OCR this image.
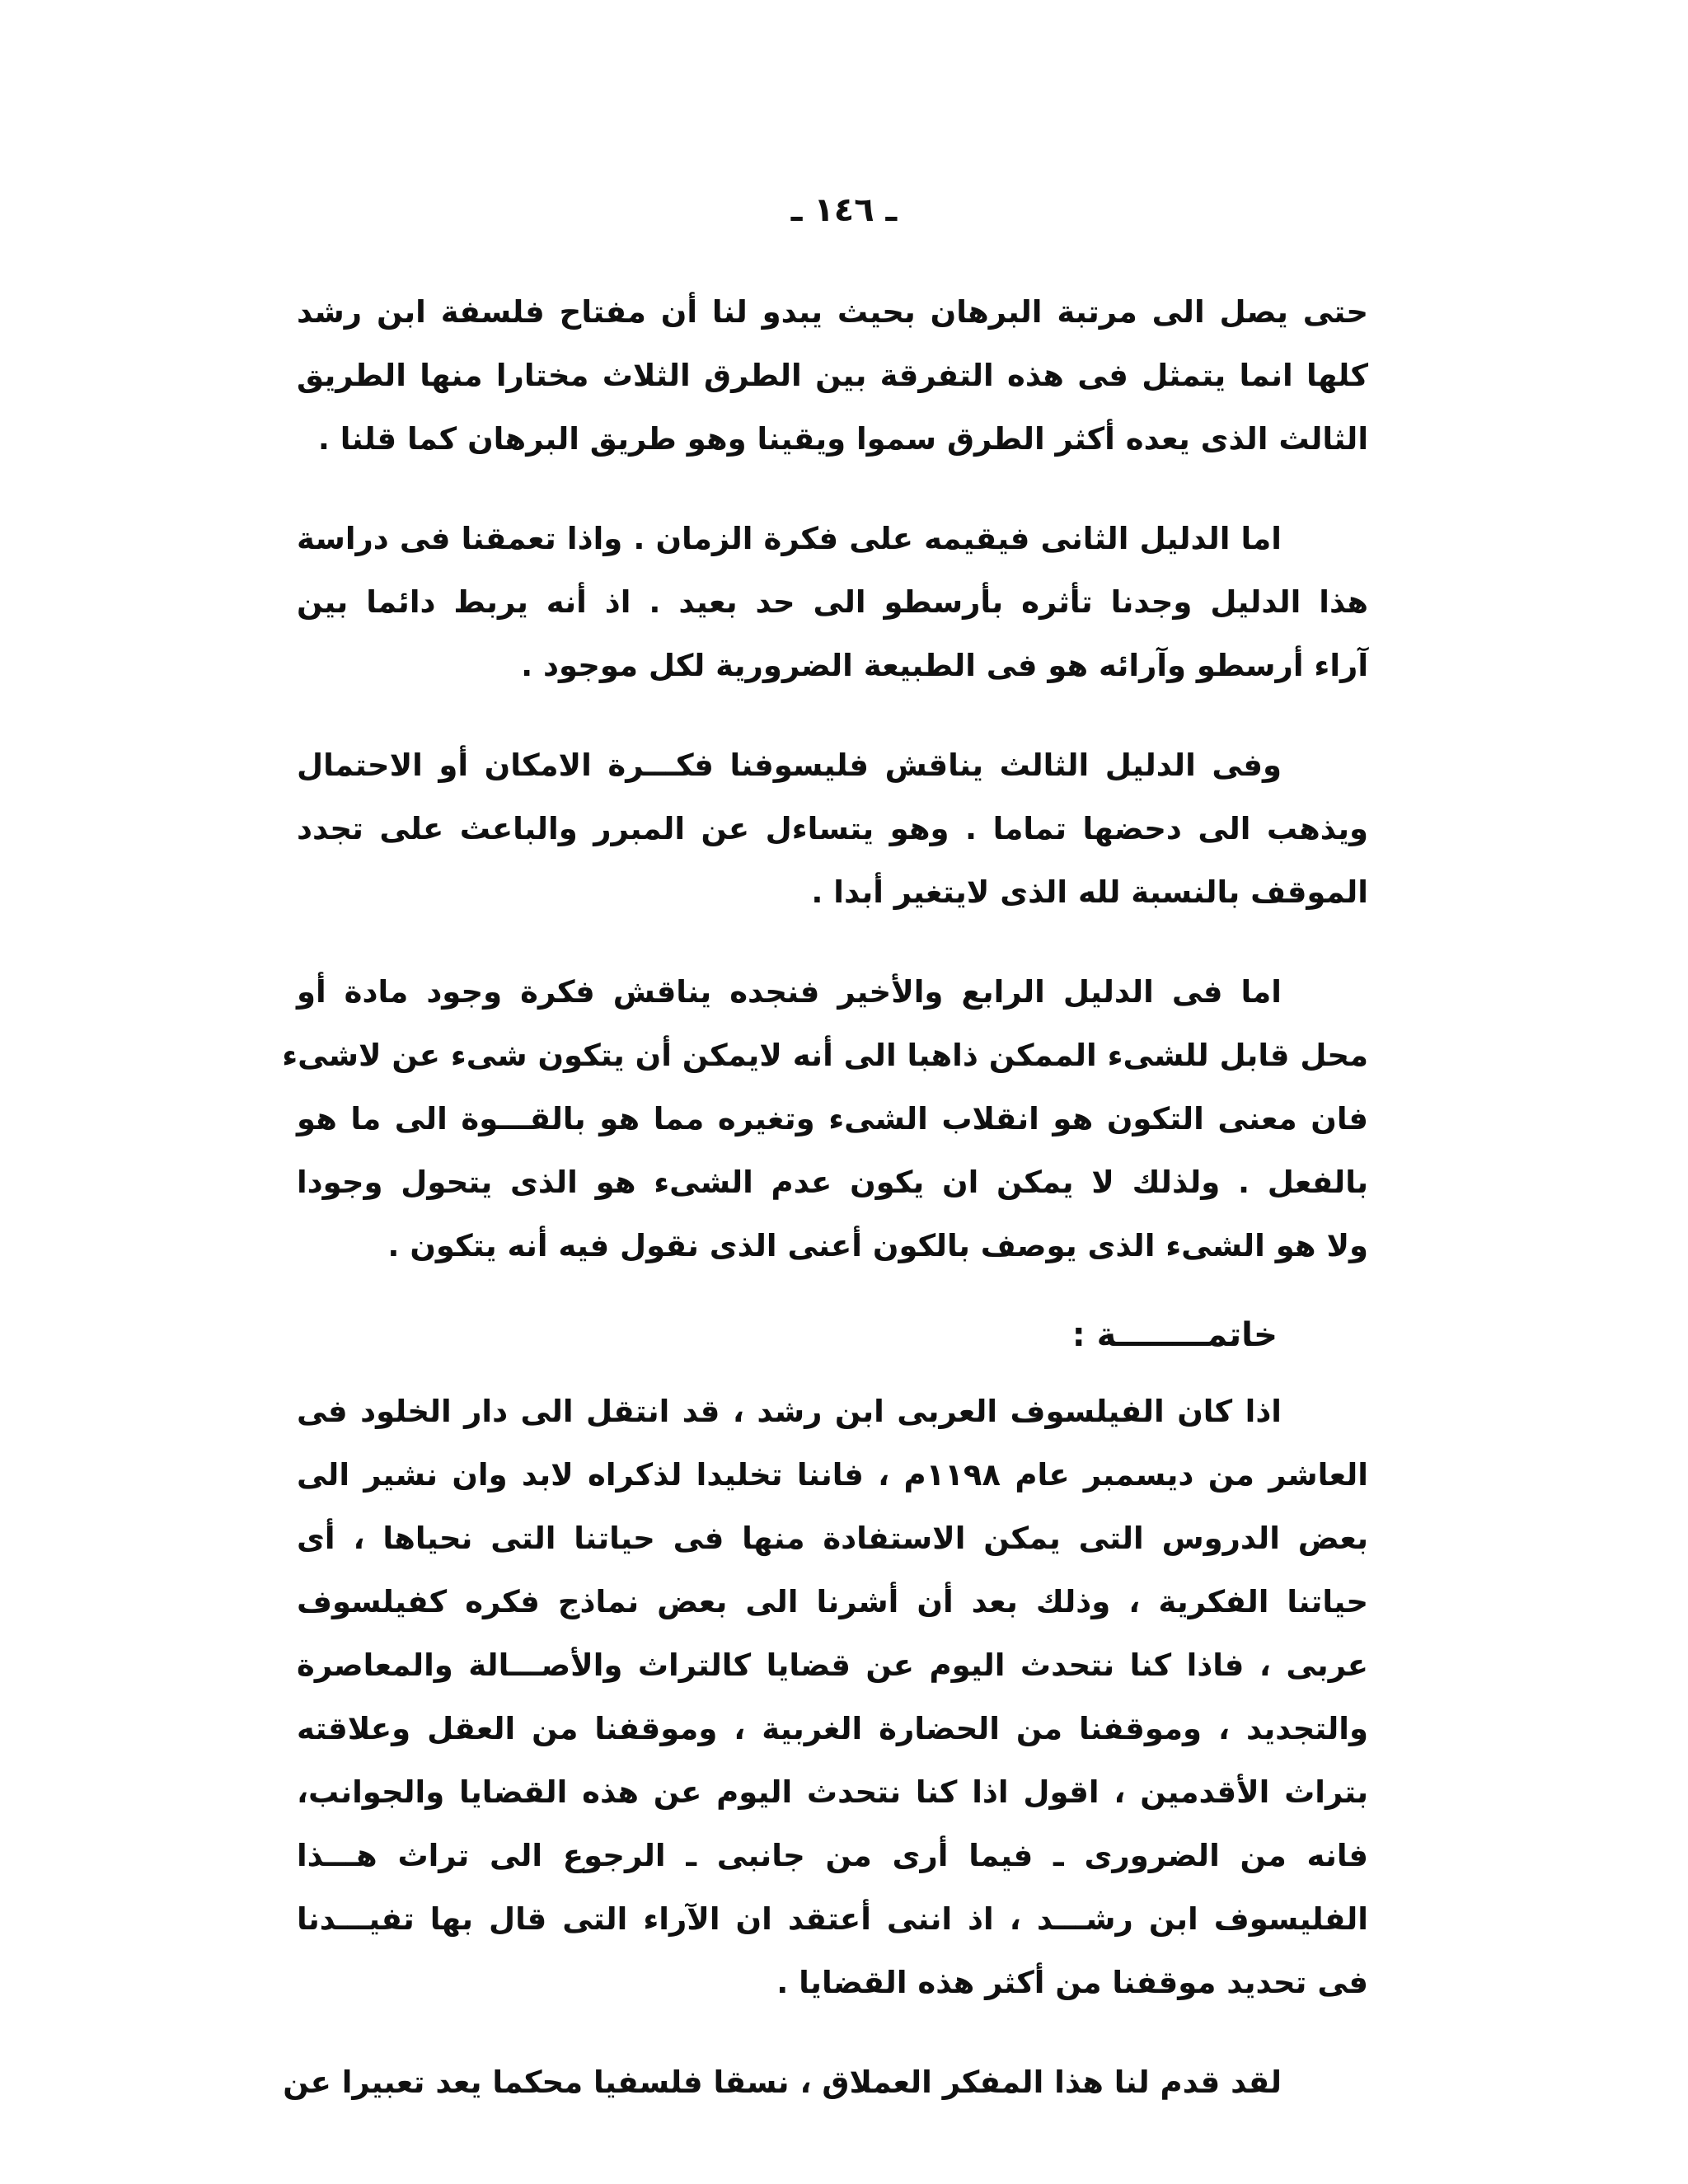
ـ ١٤٦ ـ

حتى يصل الى مرتبة البرهان بحيث يبدو لنا أن مفتاح فلسفة ابن رشد
كلها انما يتمثل فى هذه التفرقة بين الطرق الثلاث مختارا منها الطريق
الثالث الذى يعده أكثر الطرق سموا ويقينا وهو طريق البرهان كما قلنا .

اما الدليل الثانى فيقيمه على فكرة الزمان . واذا تعمقنا فى دراسة
هذا الدليل وجدنا تأثره بأرسطو الى حد بعيد . اذ أنه يربط دائما بين
آراء أرسطو وآرائه هو فى الطبيعة الضرورية لكل موجود .

وفى الدليل الثالث يناقش فليسوفنا فكـــرة الامكان أو الاحتمال
ويذهب الى دحضها تماما . وهو يتساءل عن المبرر والباعث على تجدد
الموقف بالنسبة لله الذى لايتغير أبدا .

اما فى الدليل الرابع والأخير فنجده يناقش فكرة وجود مادة أو
محل قابل للشىء الممكن ذاهبا الى أنه لايمكن أن يتكون شىء عن لاشىء
فان معنى التكون هو انقلاب الشىء وتغيره مما هو بالقـــوة الى ما هو
بالفعل . ولذلك لا يمكن ان يكون عدم الشىء هو الذى يتحول وجودا
ولا هو الشىء الذى يوصف بالكون أعنى الذى نقول فيه أنه يتكون .

خاتمــــــــة :

اذا كان الفيلسوف العربى ابن رشد ، قد انتقل الى دار الخلود فى
العاشر من ديسمبر عام ١١٩٨م ، فاننا تخليدا لذكراه لابد وان نشير الى
بعض الدروس التى يمكن الاستفادة منها فى حياتنا التى نحياها ، أى
حياتنا الفكرية ، وذلك بعد أن أشرنا الى بعض نماذج فكره كفيلسوف
عربى ، فاذا كنا نتحدث اليوم عن قضايا كالتراث والأصـــالة والمعاصرة
والتجديد ، وموقفنا من الحضارة الغربية ، وموقفنا من العقل وعلاقته
بتراث الأقدمين ، اقول اذا كنا نتحدث اليوم عن هذه القضايا والجوانب،
فانه من الضرورى ـ فيما أرى من جانبى ـ الرجوع الى تراث هـــذا
الفليسوف ابن رشـــد ، اذ اننى أعتقد ان الآراء التى قال بها تفيـــدنا
فى تحديد موقفنا من أكثر هذه القضايا .

لقد قدم لنا هذا المفكر العملاق ، نسقا فلسفيا محكما يعد تعبيرا عن
